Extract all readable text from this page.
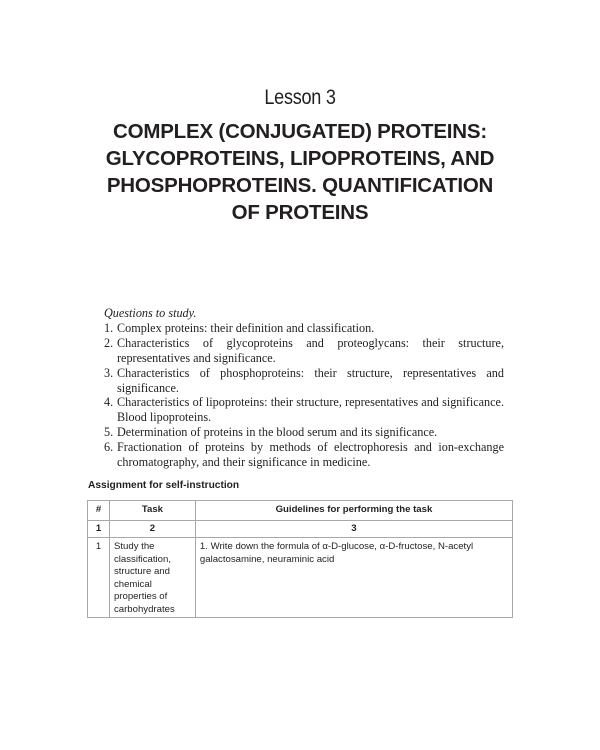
Lesson 3
COMPLEX (CONJUGATED) PROTEINS:
GLYCOPROTEINS, LIPOPROTEINS, AND
PHOSPHOPROTEINS. QUANTIFICATION
OF PROTEINS
Questions to study.
1. Complex proteins: their definition and classification.
2. Characteristics of glycoproteins and proteoglycans: their structure, representatives and significance.
3. Characteristics of phosphoproteins: their structure, representatives and significance.
4. Characteristics of lipoproteins: their structure, representatives and significance. Blood lipoproteins.
5. Determination of proteins in the blood serum and its significance.
6. Fractionation of proteins by methods of electrophoresis and ion-exchange chromatography, and their significance in medicine.
Assignment for self-instruction
#	Task	Guidelines for performing the task
1	2	3
1	Study the classification, structure and chemical properties of carbohydrates	1. Write down the formula of α-D-glucose, α-D-fructose, N-acetyl galactosamine, neuraminic acid
